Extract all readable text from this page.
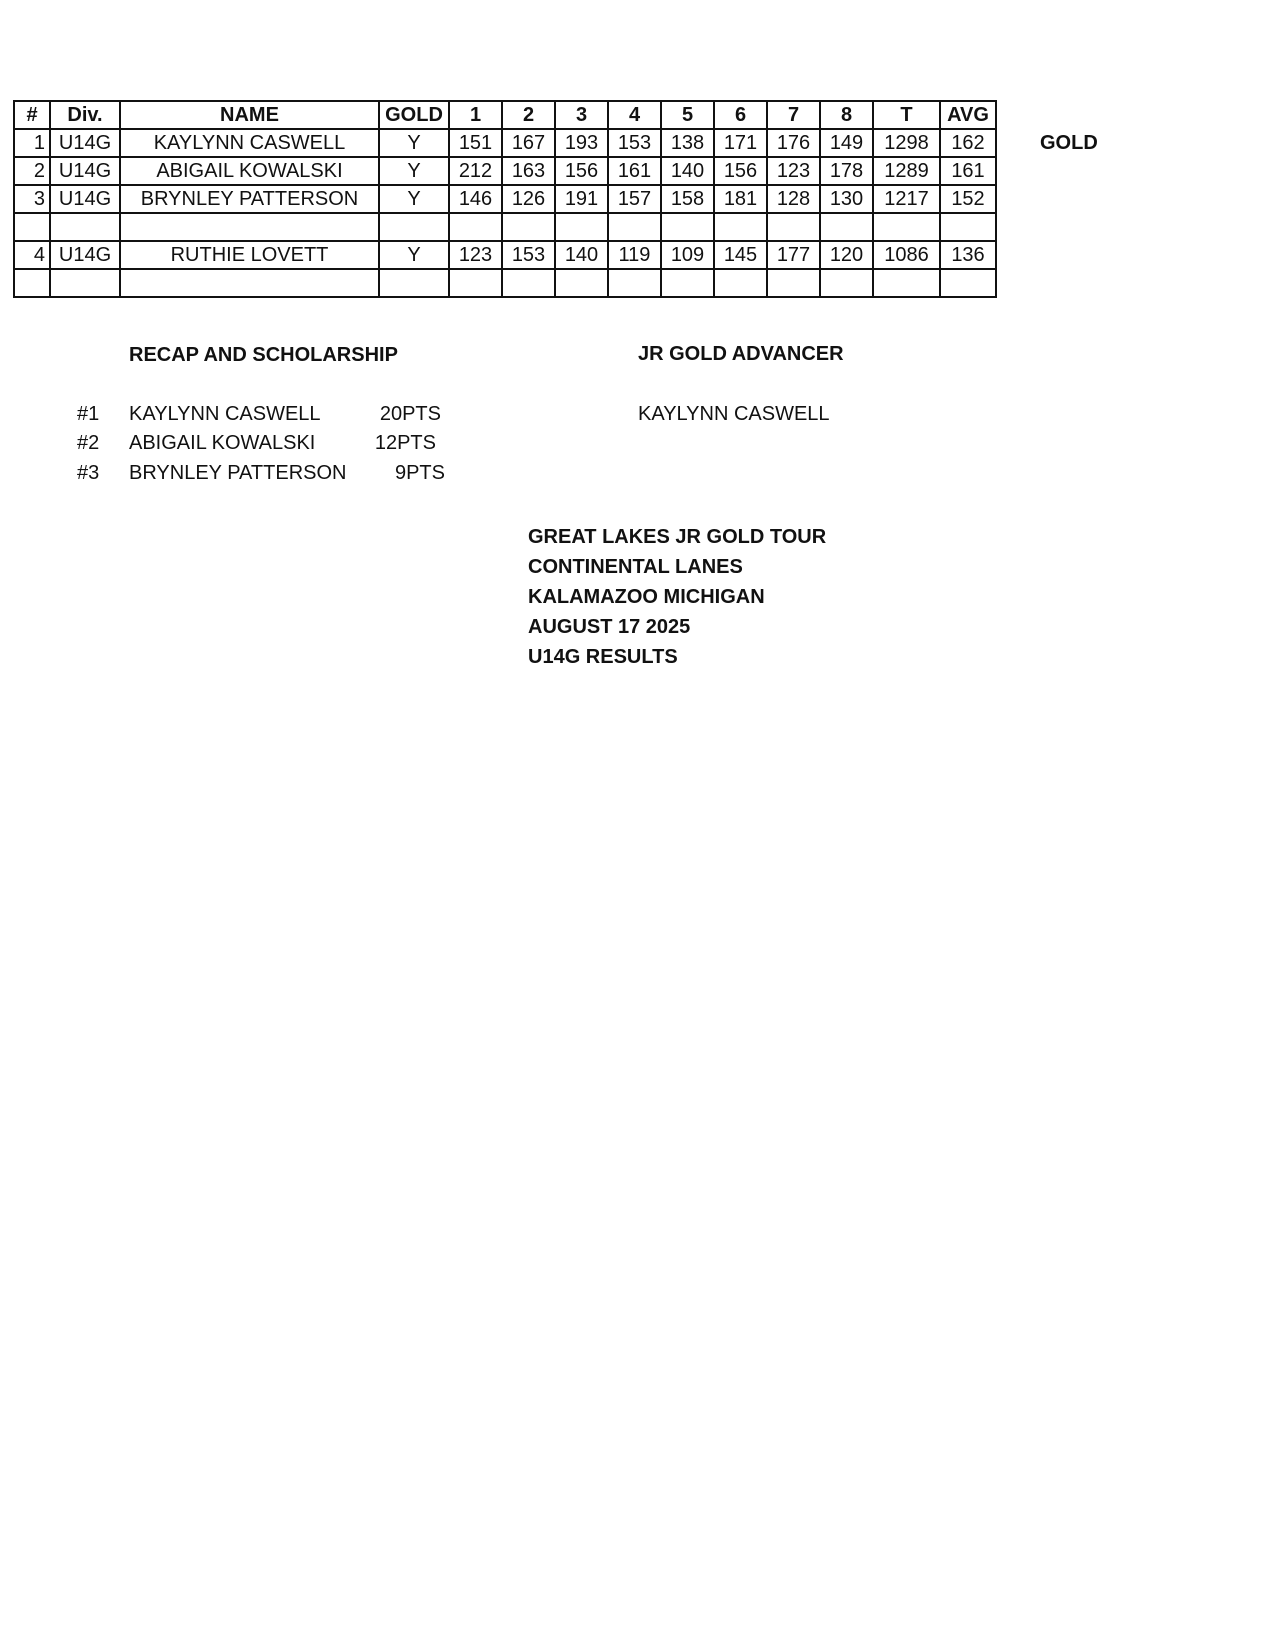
#	Div.	NAME	GOLD	1	2	3	4	5	6	7	8	T	AVG
1	U14G	KAYLYNN CASWELL	Y	151	167	193	153	138	171	176	149	1298	162
2	U14G	ABIGAIL KOWALSKI	Y	212	163	156	161	140	156	123	178	1289	161
3	U14G	BRYNLEY PATTERSON	Y	146	126	191	157	158	181	128	130	1217	152

4	U14G	RUTHIE LOVETT	Y	123	153	140	119	109	145	177	120	1086	136

GOLD
RECAP AND SCHOLARSHIP	JR GOLD ADVANCER
#1 KAYLYNN CASWELL	20PTS
#2 ABIGAIL KOWALSKI	12PTS
#3 BRYNLEY PATTERSON	9PTS
KAYLYNN CASWELL
GREAT LAKES JR GOLD TOUR
CONTINENTAL LANES
KALAMAZOO MICHIGAN
AUGUST 17 2025
U14G RESULTS
